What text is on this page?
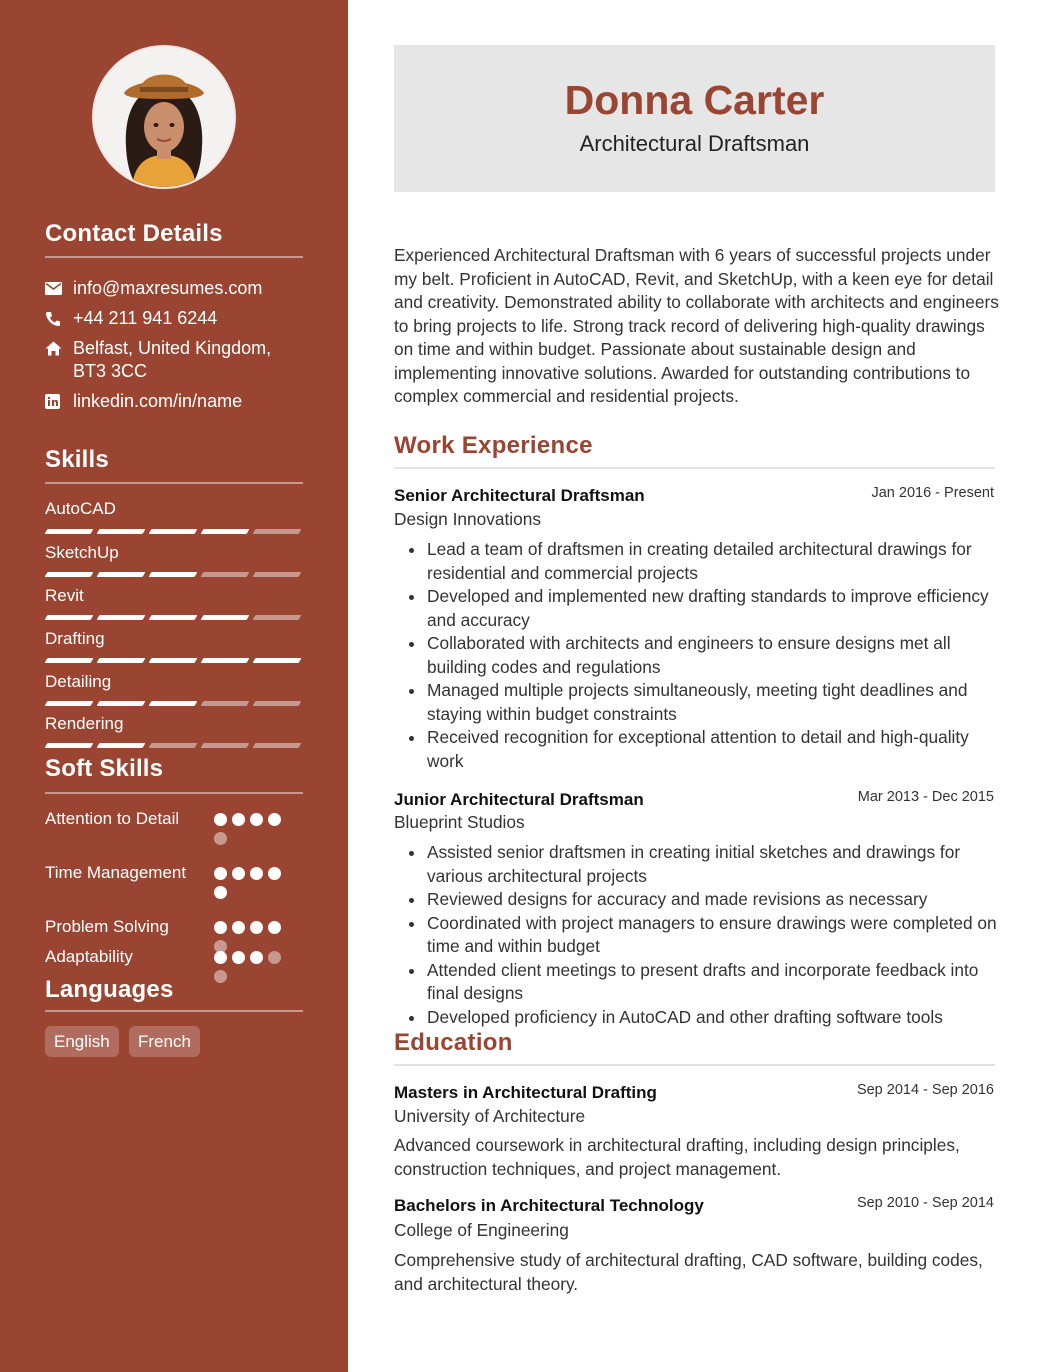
Contact Details
info@maxresumes.com
+44 211 941 6244
Belfast, United Kingdom, BT3 3CC
linkedin.com/in/name
Skills
AutoCAD
SketchUp
Revit
Drafting
Detailing
Rendering
Soft Skills
Attention to Detail
Time Management
Problem Solving
Adaptability
Languages
English	French
Donna Carter
Architectural Draftsman
Experienced Architectural Draftsman with 6 years of successful projects under my belt. Proficient in AutoCAD, Revit, and SketchUp, with a keen eye for detail and creativity. Demonstrated ability to collaborate with architects and engineers to bring projects to life. Strong track record of delivering high-quality drawings on time and within budget. Passionate about sustainable design and implementing innovative solutions. Awarded for outstanding contributions to complex commercial and residential projects.
Work Experience
Senior Architectural Draftsman	Jan 2016 - Present
Design Innovations
Lead a team of draftsmen in creating detailed architectural drawings for residential and commercial projects
Developed and implemented new drafting standards to improve efficiency and accuracy
Collaborated with architects and engineers to ensure designs met all building codes and regulations
Managed multiple projects simultaneously, meeting tight deadlines and staying within budget constraints
Received recognition for exceptional attention to detail and high-quality work
Junior Architectural Draftsman	Mar 2013 - Dec 2015
Blueprint Studios
Assisted senior draftsmen in creating initial sketches and drawings for various architectural projects
Reviewed designs for accuracy and made revisions as necessary
Coordinated with project managers to ensure drawings were completed on time and within budget
Attended client meetings to present drafts and incorporate feedback into final designs
Developed proficiency in AutoCAD and other drafting software tools
Education
Masters in Architectural Drafting	Sep 2014 - Sep 2016
University of Architecture
Advanced coursework in architectural drafting, including design principles, construction techniques, and project management.
Bachelors in Architectural Technology	Sep 2010 - Sep 2014
College of Engineering
Comprehensive study of architectural drafting, CAD software, building codes, and architectural theory.
